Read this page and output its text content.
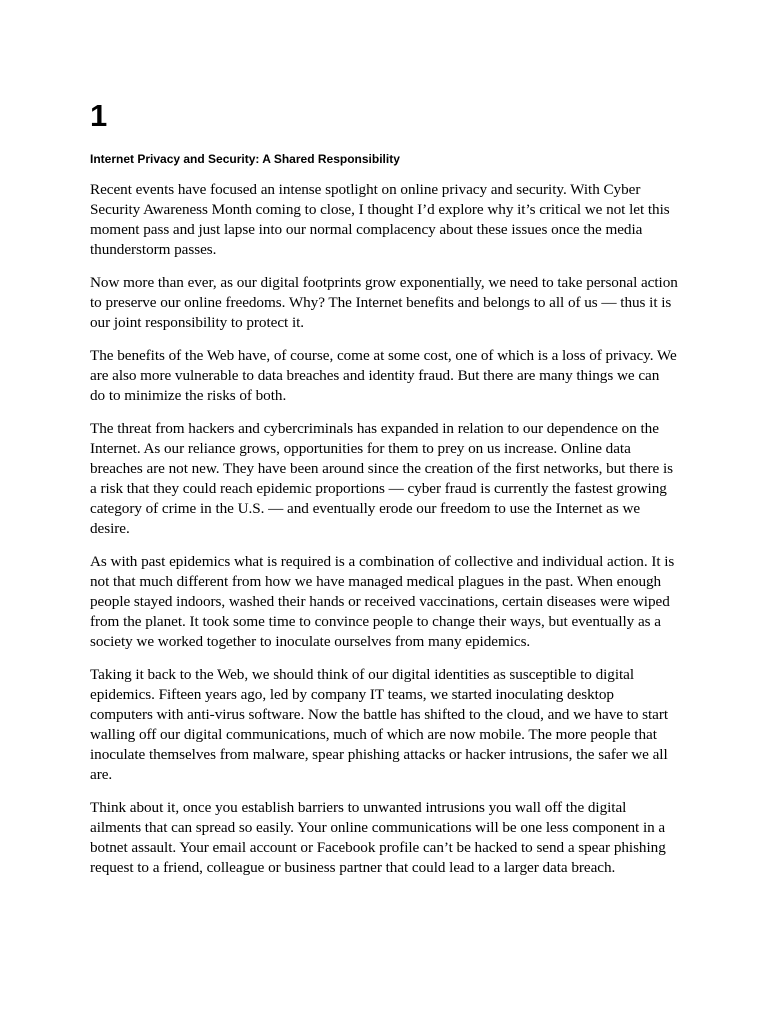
1
Internet Privacy and Security: A Shared Responsibility

Recent events have focused an intense spotlight on online privacy and security. With Cyber Security Awareness Month coming to close, I thought I’d explore why it’s critical we not let this moment pass and just lapse into our normal complacency about these issues once the media thunderstorm passes.

Now more than ever, as our digital footprints grow exponentially, we need to take personal action to preserve our online freedoms. Why? The Internet benefits and belongs to all of us — thus it is our joint responsibility to protect it.

The benefits of the Web have, of course, come at some cost, one of which is a loss of privacy. We are also more vulnerable to data breaches and identity fraud. But there are many things we can do to minimize the risks of both.

The threat from hackers and cybercriminals has expanded in relation to our dependence on the Internet. As our reliance grows, opportunities for them to prey on us increase. Online data breaches are not new. They have been around since the creation of the first networks, but there is a risk that they could reach epidemic proportions — cyber fraud is currently the fastest growing category of crime in the U.S. — and eventually erode our freedom to use the Internet as we desire.

As with past epidemics what is required is a combination of collective and individual action. It is not that much different from how we have managed medical plagues in the past. When enough people stayed indoors, washed their hands or received vaccinations, certain diseases were wiped from the planet. It took some time to convince people to change their ways, but eventually as a society we worked together to inoculate ourselves from many epidemics.

Taking it back to the Web, we should think of our digital identities as susceptible to digital epidemics. Fifteen years ago, led by company IT teams, we started inoculating desktop computers with anti-virus software. Now the battle has shifted to the cloud, and we have to start walling off our digital communications, much of which are now mobile. The more people that inoculate themselves from malware, spear phishing attacks or hacker intrusions, the safer we all are.

Think about it, once you establish barriers to unwanted intrusions you wall off the digital ailments that can spread so easily. Your online communications will be one less component in a botnet assault. Your email account or Facebook profile can’t be hacked to send a spear phishing request to a friend, colleague or business partner that could lead to a larger data breach.
